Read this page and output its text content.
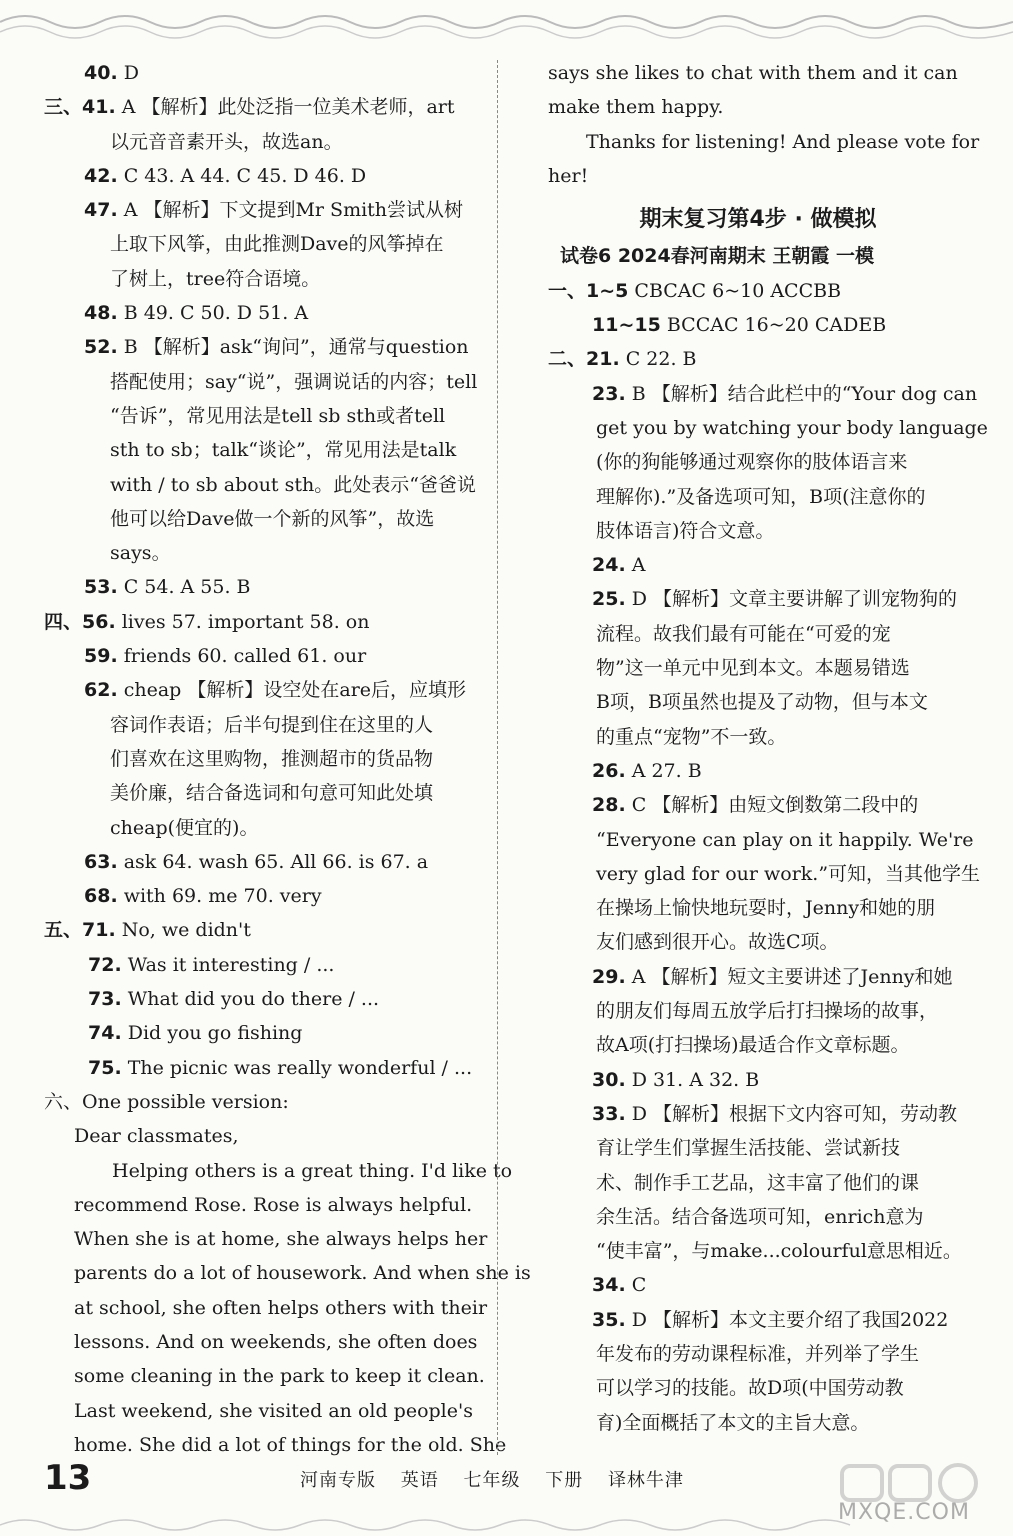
40. D
三、41. A 【解析】此处泛指一位美术老师，art
以元音音素开头，故选an。
42. C 43. A 44. C 45. D 46. D
47. A 【解析】下文提到Mr Smith尝试从树
上取下风筝，由此推测Dave的风筝掉在
了树上，tree符合语境。
48. B 49. C 50. D 51. A
52. B 【解析】ask“询问”，通常与question
搭配使用；say“说”，强调说话的内容；tell
“告诉”，常见用法是tell sb sth或者tell
sth to sb；talk“谈论”，常见用法是talk
with / to sb about sth。此处表示“爸爸说
他可以给Dave做一个新的风筝”，故选
says。
53. C 54. A 55. B
四、56. lives 57. important 58. on
59. friends 60. called 61. our
62. cheap 【解析】设空处在are后，应填形
容词作表语；后半句提到住在这里的人
们喜欢在这里购物，推测超市的货品物
美价廉，结合备选词和句意可知此处填
cheap(便宜的)。
63. ask 64. wash 65. All 66. is 67. a
68. with 69. me 70. very
五、71. No, we didn't
72. Was it interesting / ...
73. What did you do there / ...
74. Did you go fishing
75. The picnic was really wonderful / ...
六、One possible version:
Dear classmates,
Helping others is a great thing. I'd like to
recommend Rose. Rose is always helpful.
When she is at home, she always helps her
parents do a lot of housework. And when she is
at school, she often helps others with their
lessons. And on weekends, she often does
some cleaning in the park to keep it clean.
Last weekend, she visited an old people's
home. She did a lot of things for the old. She
says she likes to chat with them and it can
make them happy.
Thanks for listening! And please vote for
her!
期末复习第4步 · 做模拟
试卷6 2024春河南期末 王朝霞 一模
一、1~5 CBCAC 6~10 ACCBB
11~15 BCCAC 16~20 CADEB
二、21. C 22. B
23. B 【解析】结合此栏中的“Your dog can
get you by watching your body language
(你的狗能够通过观察你的肢体语言来
理解你).”及备选项可知，B项(注意你的
肢体语言)符合文意。
24. A
25. D 【解析】文章主要讲解了训宠物狗的
流程。故我们最有可能在“可爱的宠
物”这一单元中见到本文。本题易错选
B项，B项虽然也提及了动物，但与本文
的重点“宠物”不一致。
26. A 27. B
28. C 【解析】由短文倒数第二段中的
“Everyone can play on it happily. We're
very glad for our work.”可知，当其他学生
在操场上愉快地玩耍时，Jenny和她的朋
友们感到很开心。故选C项。
29. A 【解析】短文主要讲述了Jenny和她
的朋友们每周五放学后打扫操场的故事，
故A项(打扫操场)最适合作文章标题。
30. D 31. A 32. B
33. D 【解析】根据下文内容可知，劳动教
育让学生们掌握生活技能、尝试新技
术、制作手工艺品，这丰富了他们的课
余生活。结合备选项可知，enrich意为
“使丰富”，与make...colourful意思相近。
34. C
35. D 【解析】本文主要介绍了我国2022
年发布的劳动课程标准，并列举了学生
可以学习的技能。故D项(中国劳动教
育)全面概括了本文的主旨大意。
13	河南专版 英语 七年级 下册 译林牛津
MXQE.COM
